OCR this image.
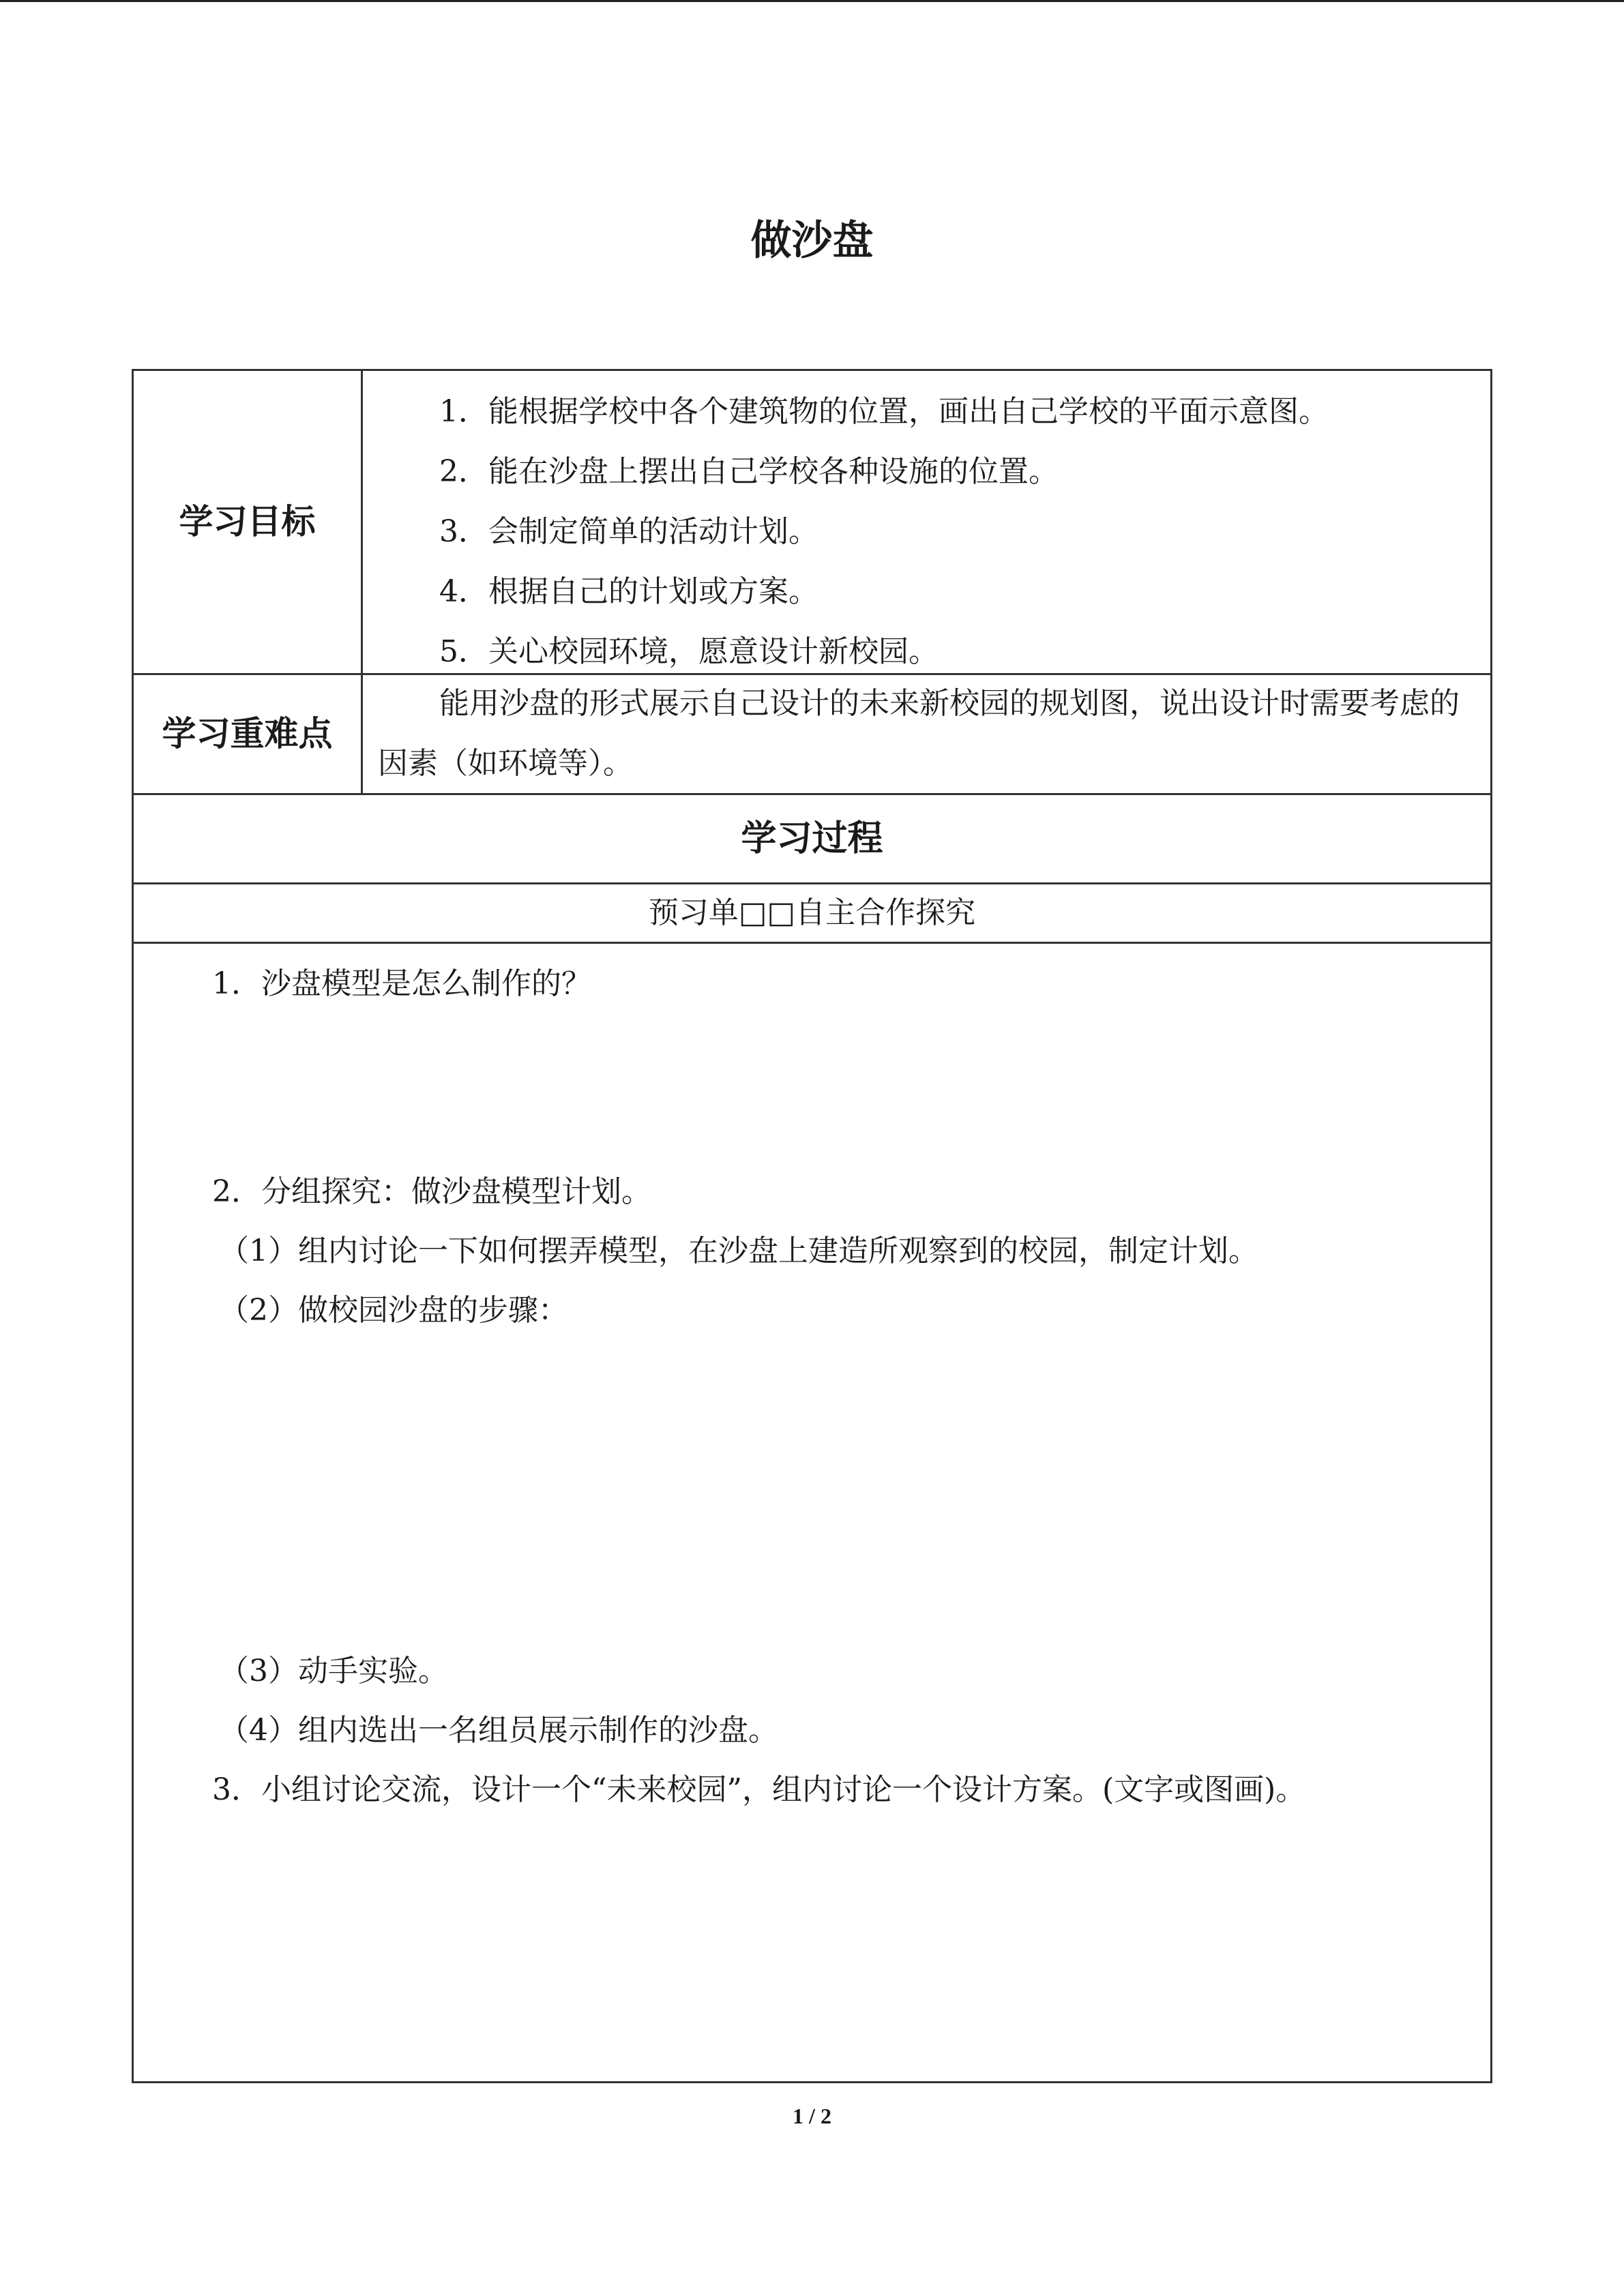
做沙盘
学习目标
1．能根据学校中各个建筑物的位置，画出自己学校的平面示意图。
2．能在沙盘上摆出自己学校各种设施的位置。
3．会制定简单的活动计划。
4．根据自己的计划或方案。
5．关心校园环境，愿意设计新校园。
学习重难点
能用沙盘的形式展示自己设计的未来新校园的规划图，说出设计时需要考虑的因素（如环境等）。
学习过程
预习单□□自主合作探究
1．沙盘模型是怎么制作的？
2．分组探究：做沙盘模型计划。
（1）组内讨论一下如何摆弄模型，在沙盘上建造所观察到的校园，制定计划。
（2）做校园沙盘的步骤：
（3）动手实验。
（4）组内选出一名组员展示制作的沙盘。
3．小组讨论交流，设计一个“未来校园”，组内讨论一个设计方案。(文字或图画)。
1 / 2
